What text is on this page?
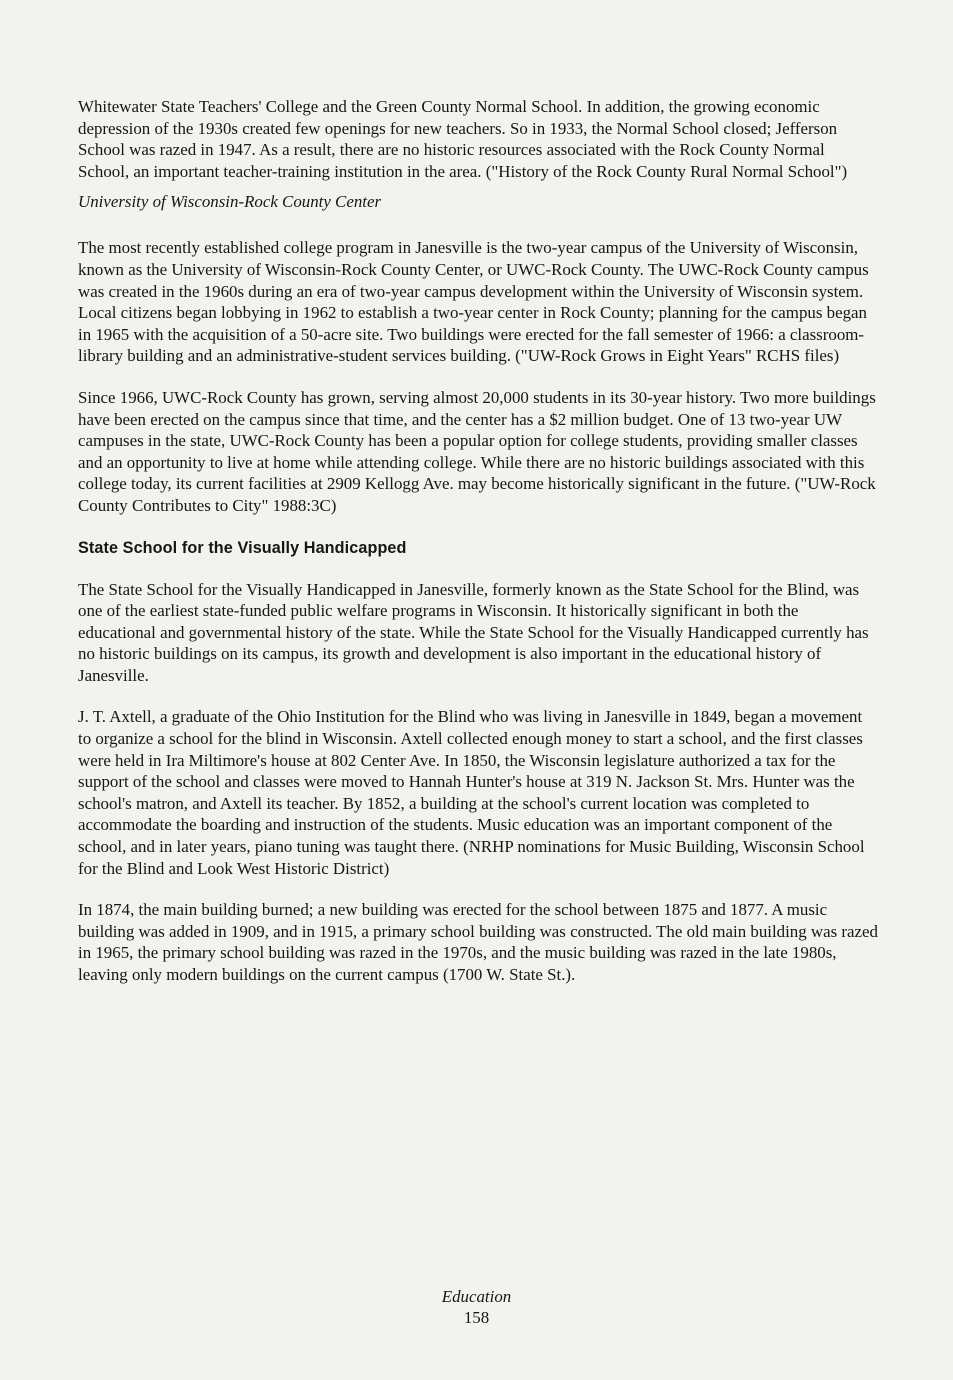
Whitewater State Teachers' College and the Green County Normal School. In addition, the growing economic depression of the 1930s created few openings for new teachers. So in 1933, the Normal School closed; Jefferson School was razed in 1947. As a result, there are no historic resources associated with the Rock County Normal School, an important teacher-training institution in the area. ("History of the Rock County Rural Normal School")

University of Wisconsin-Rock County Center

The most recently established college program in Janesville is the two-year campus of the University of Wisconsin, known as the University of Wisconsin-Rock County Center, or UWC-Rock County. The UWC-Rock County campus was created in the 1960s during an era of two-year campus development within the University of Wisconsin system. Local citizens began lobbying in 1962 to establish a two-year center in Rock County; planning for the campus began in 1965 with the acquisition of a 50-acre site. Two buildings were erected for the fall semester of 1966: a classroom-library building and an administrative-student services building. ("UW-Rock Grows in Eight Years" RCHS files)

Since 1966, UWC-Rock County has grown, serving almost 20,000 students in its 30-year history. Two more buildings have been erected on the campus since that time, and the center has a $2 million budget. One of 13 two-year UW campuses in the state, UWC-Rock County has been a popular option for college students, providing smaller classes and an opportunity to live at home while attending college. While there are no historic buildings associated with this college today, its current facilities at 2909 Kellogg Ave. may become historically significant in the future. ("UW-Rock County Contributes to City" 1988:3C)

State School for the Visually Handicapped

The State School for the Visually Handicapped in Janesville, formerly known as the State School for the Blind, was one of the earliest state-funded public welfare programs in Wisconsin. It historically significant in both the educational and governmental history of the state. While the State School for the Visually Handicapped currently has no historic buildings on its campus, its growth and development is also important in the educational history of Janesville.

J. T. Axtell, a graduate of the Ohio Institution for the Blind who was living in Janesville in 1849, began a movement to organize a school for the blind in Wisconsin. Axtell collected enough money to start a school, and the first classes were held in Ira Miltimore's house at 802 Center Ave. In 1850, the Wisconsin legislature authorized a tax for the support of the school and classes were moved to Hannah Hunter's house at 319 N. Jackson St. Mrs. Hunter was the school's matron, and Axtell its teacher. By 1852, a building at the school's current location was completed to accommodate the boarding and instruction of the students. Music education was an important component of the school, and in later years, piano tuning was taught there. (NRHP nominations for Music Building, Wisconsin School for the Blind and Look West Historic District)

In 1874, the main building burned; a new building was erected for the school between 1875 and 1877. A music building was added in 1909, and in 1915, a primary school building was constructed. The old main building was razed in 1965, the primary school building was razed in the 1970s, and the music building was razed in the late 1980s, leaving only modern buildings on the current campus (1700 W. State St.).

Education
158
